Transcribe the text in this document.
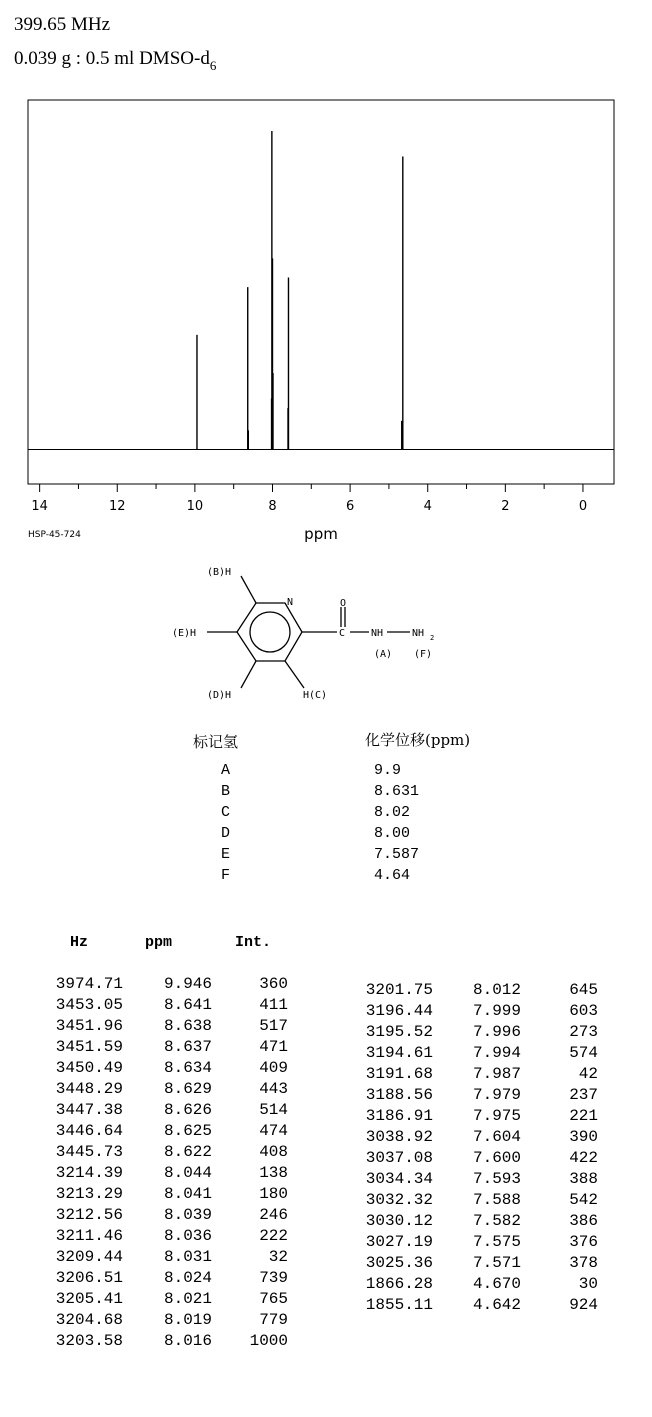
399.65 MHz
0.039 g : 0.5 ml DMSO-$d_6$
14	12	10	8	6	4	2	0
ppm
HSP-45-724
(B)H
N	O
(E)H	C	NH	NH 2
(A) (F)
(D)H	H(C)
标记氢	化学位移(ppm)
A	9.9
B	8.631
C	8.02
D	8.00
E	7.587
F	4.64
Hz	ppm	Int.
3974.71	9.946	360
3453.05	8.641	411
3451.96	8.638	517
3451.59	8.637	471
3450.49	8.634	409
3448.29	8.629	443
3447.38	8.626	514
3446.64	8.625	474
3445.73	8.622	408
3214.39	8.044	138
3213.29	8.041	180
3212.56	8.039	246
3211.46	8.036	222
3209.44	8.031	32
3206.51	8.024	739
3205.41	8.021	765
3204.68	8.019	779
3203.58	8.016 1000
3201.75 8.012	645
3196.44 7.999	603
3195.52 7.996	273
3194.61 7.994	574
3191.68 7.987	42
3188.56 7.979	237
3186.91 7.975	221
3038.92 7.604	390
3037.08 7.600	422
3034.34 7.593	388
3032.32 7.588	542
3030.12 7.582	386
3027.19 7.575	376
3025.36 7.571	378
1866.28 4.670	30
1855.11 4.642	924
